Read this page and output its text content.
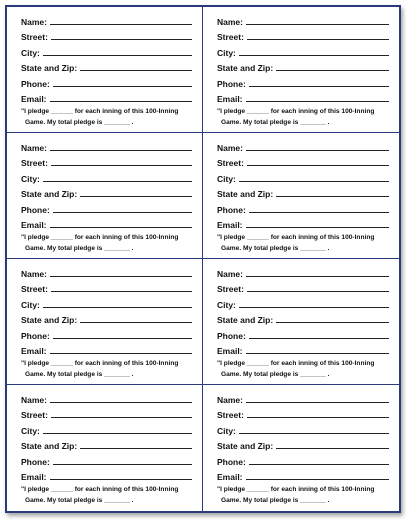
Name:
Street:
City:
State and Zip:
Phone:
Email:
"I pledge ______ for each inning of this 100-Inning
Game. My total pledge is _______ .
Name:
Street:
City:
State and Zip:
Phone:
Email:
"I pledge ______ for each inning of this 100-Inning
Game. My total pledge is _______ .
Name:
Street:
City:
State and Zip:
Phone:
Email:
"I pledge ______ for each inning of this 100-Inning
Game. My total pledge is _______ .
Name:
Street:
City:
State and Zip:
Phone:
Email:
"I pledge ______ for each inning of this 100-Inning
Game. My total pledge is _______ .
Name:
Street:
City:
State and Zip:
Phone:
Email:
"I pledge ______ for each inning of this 100-Inning
Game. My total pledge is _______ .
Name:
Street:
City:
State and Zip:
Phone:
Email:
"I pledge ______ for each inning of this 100-Inning
Game. My total pledge is _______ .
Name:
Street:
City:
State and Zip:
Phone:
Email:
"I pledge ______ for each inning of this 100-Inning
Game. My total pledge is _______ .
Name:
Street:
City:
State and Zip:
Phone:
Email:
"I pledge ______ for each inning of this 100-Inning
Game. My total pledge is _______ .
